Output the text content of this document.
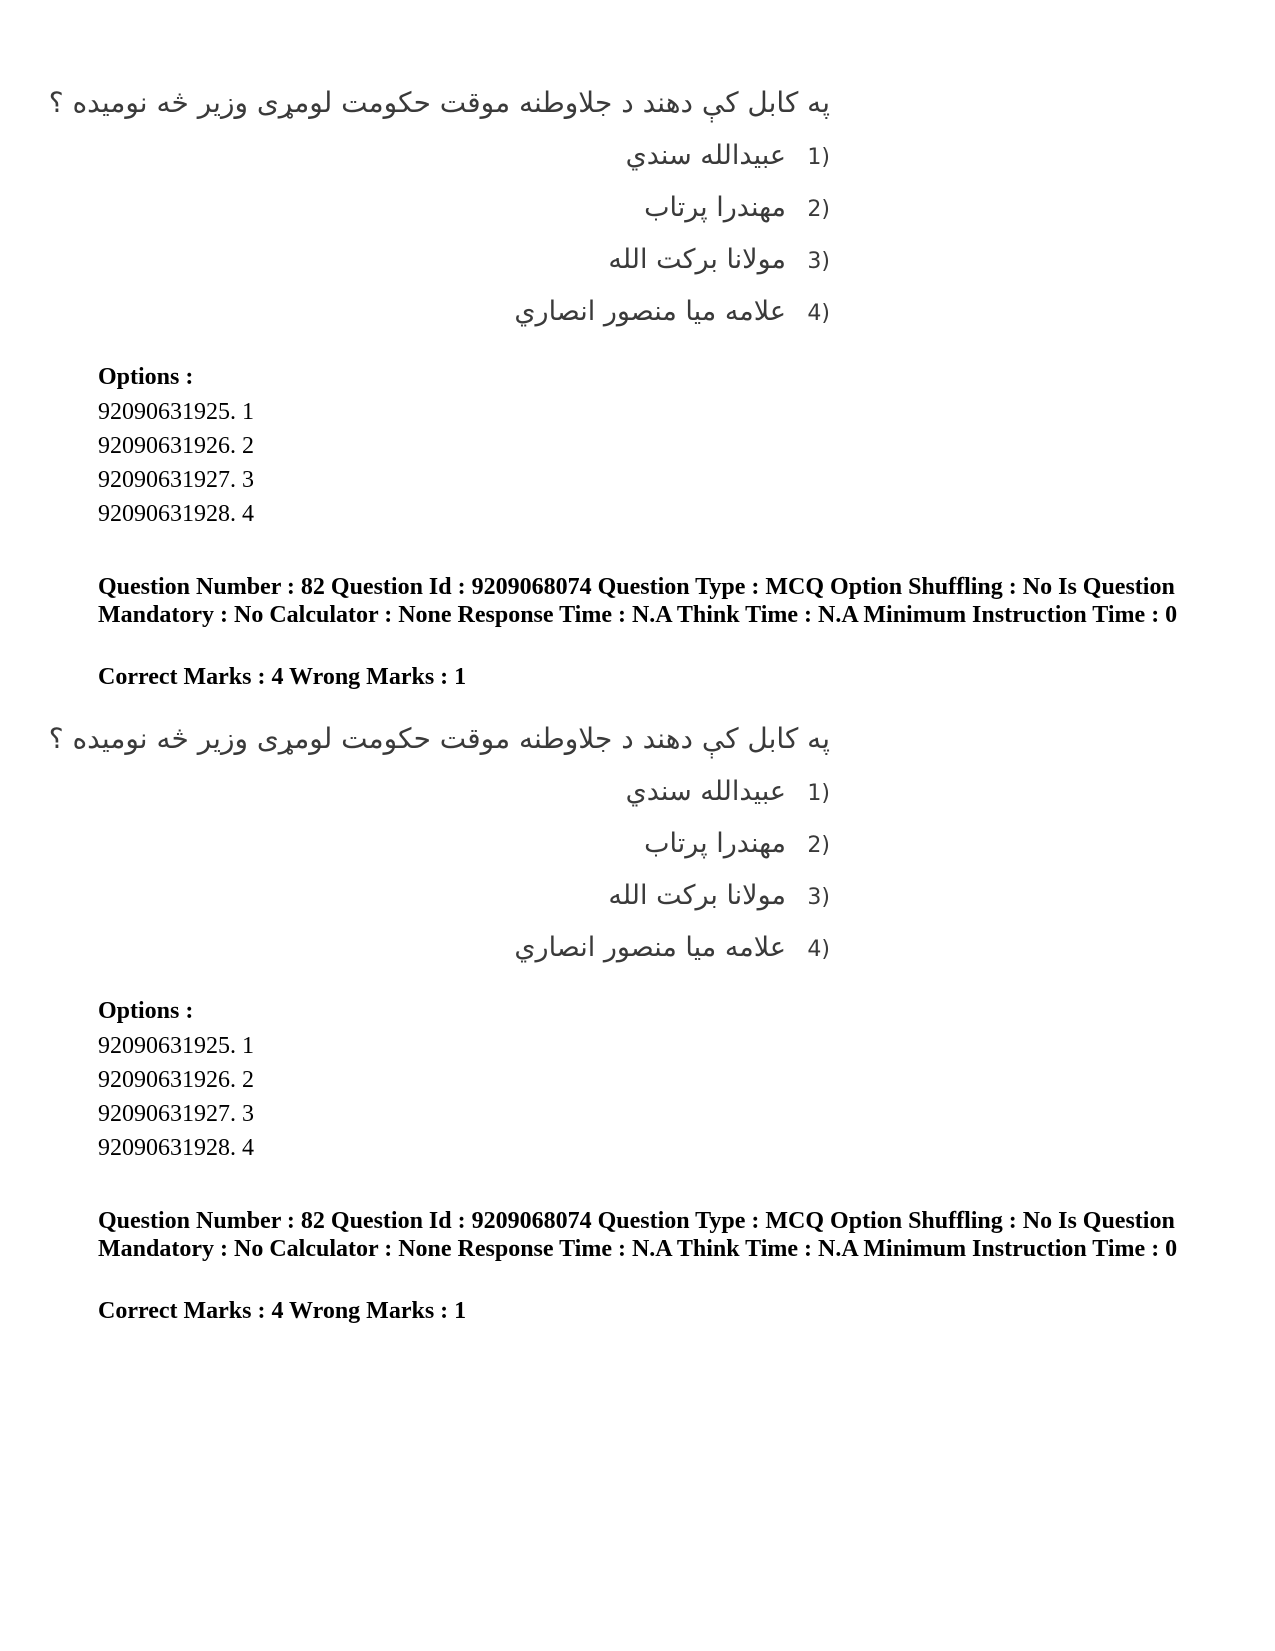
په کابل کې دهند د جلاوطنه موقت حکومت لومړی وزیر څه نومیده ؟
1)
عبیدالله سندي
2)
مهندرا پرتاب
3)
مولانا برکت الله
4)
علامه میا منصور انصاري
Options :
92090631925. 1
92090631926. 2
92090631927. 3
92090631928. 4
Question Number : 82 Question Id : 9209068074 Question Type : MCQ Option Shuffling : No Is Question Mandatory : No Calculator : None Response Time : N.A Think Time : N.A Minimum Instruction Time : 0
Correct Marks : 4 Wrong Marks : 1
په کابل کې دهند د جلاوطنه موقت حکومت لومړی وزیر څه نومیده ؟
1)
عبیدالله سندي
2)
مهندرا پرتاب
3)
مولانا برکت الله
4)
علامه میا منصور انصاري
Options :
92090631925. 1
92090631926. 2
92090631927. 3
92090631928. 4
Question Number : 82 Question Id : 9209068074 Question Type : MCQ Option Shuffling : No Is Question Mandatory : No Calculator : None Response Time : N.A Think Time : N.A Minimum Instruction Time : 0
Correct Marks : 4 Wrong Marks : 1
